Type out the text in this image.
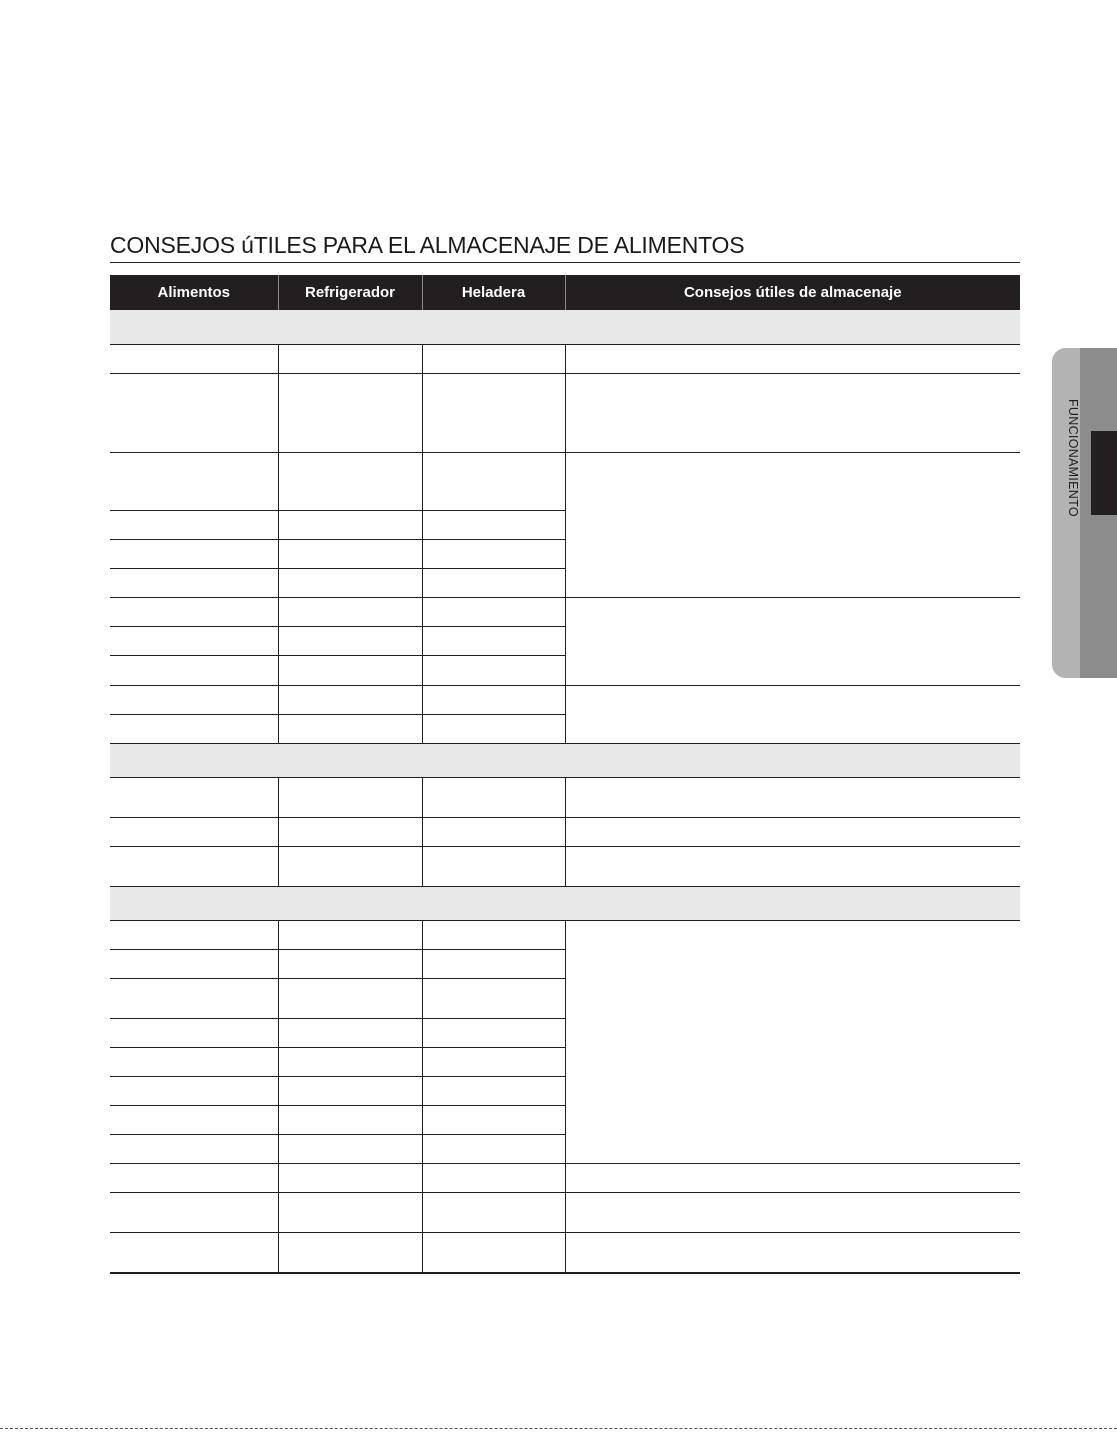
CONSEJOS úTILES PARA EL ALMACENAJE DE ALIMENTOS
Alimentos	Refrigerador	Heladera	Consejos útiles de almacenaje

FUNCIONAMIENTO
